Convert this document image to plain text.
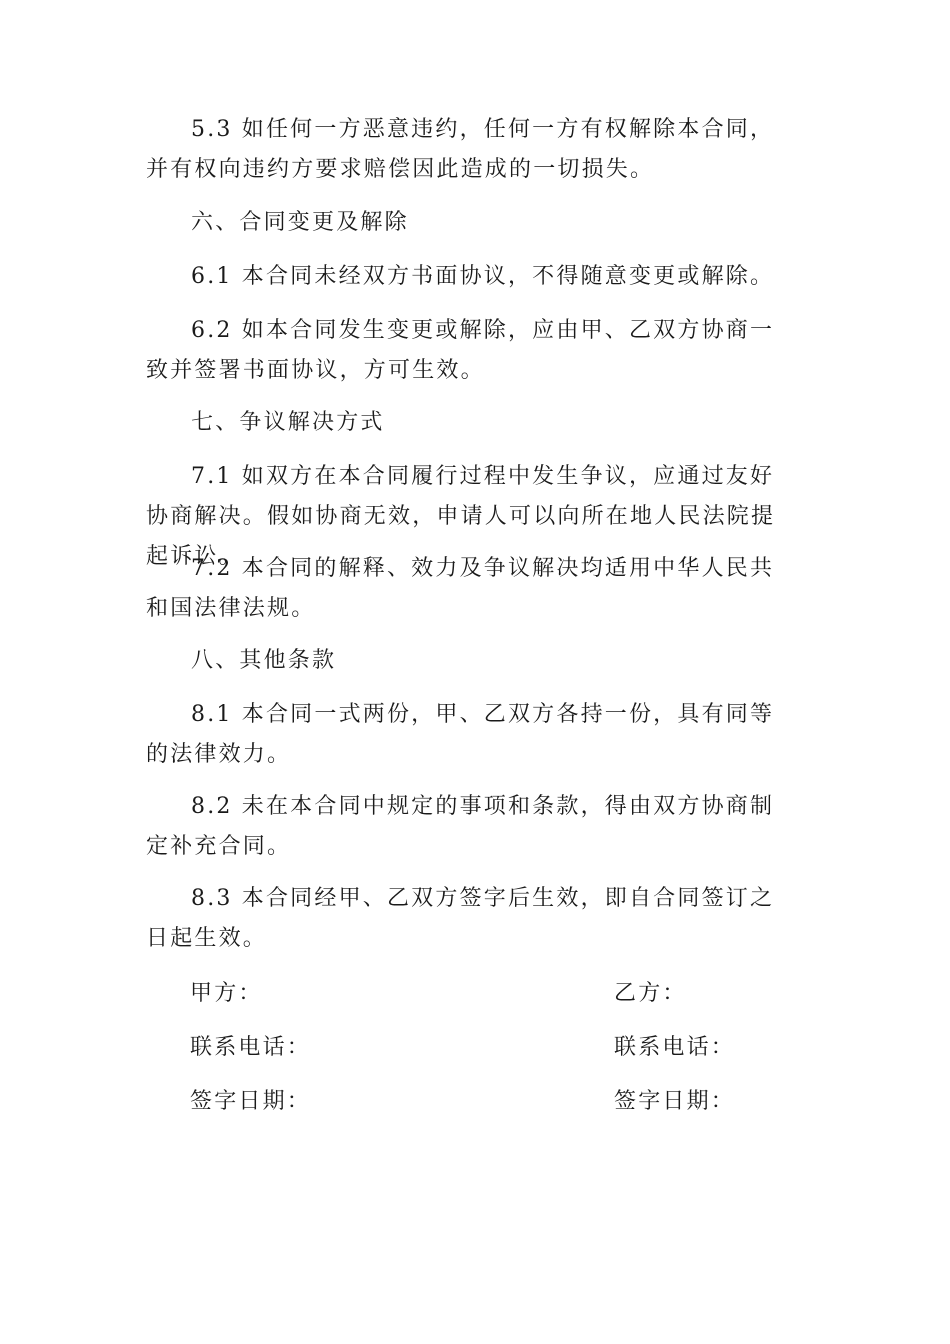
5.3 如任何一方恶意违约，任何一方有权解除本合同，并有权向违约方要求赔偿因此造成的一切损失。

六、合同变更及解除

6.1 本合同未经双方书面协议，不得随意变更或解除。

6.2 如本合同发生变更或解除，应由甲、乙双方协商一致并签署书面协议，方可生效。

七、争议解决方式

7.1 如双方在本合同履行过程中发生争议，应通过友好协商解决。假如协商无效，申请人可以向所在地人民法院提起诉讼。

7.2 本合同的解释、效力及争议解决均适用中华人民共和国法律法规。

八、其他条款

8.1 本合同一式两份，甲、乙双方各持一份，具有同等的法律效力。

8.2 未在本合同中规定的事项和条款，得由双方协商制定补充合同。

8.3 本合同经甲、乙双方签字后生效，即自合同签订之日起生效。

甲方：	乙方：
联系电话：	联系电话：
签字日期：	签字日期：
